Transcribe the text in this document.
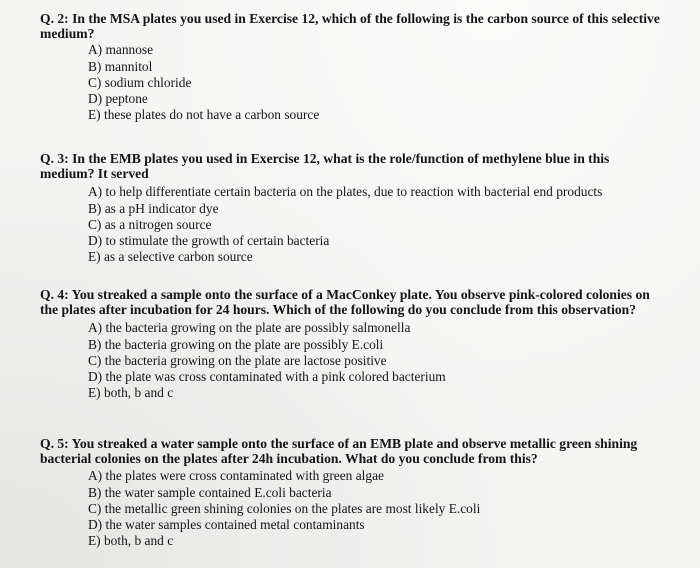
Q. 2: In the MSA plates you used in Exercise 12, which of the following is the carbon source of this selective medium?

A) mannose
B) mannitol
C) sodium chloride
D) peptone
E) these plates do not have a carbon source

Q. 3: In the EMB plates you used in Exercise 12, what is the role/function of methylene blue in this medium? It served

A) to help differentiate certain bacteria on the plates, due to reaction with bacterial end products
B) as a pH indicator dye
C) as a nitrogen source
D) to stimulate the growth of certain bacteria
E) as a selective carbon source

Q. 4: You streaked a sample onto the surface of a MacConkey plate. You observe pink-colored colonies on the plates after incubation for 24 hours. Which of the following do you conclude from this observation?

A) the bacteria growing on the plate are possibly salmonella
B) the bacteria growing on the plate are possibly E.coli
C) the bacteria growing on the plate are lactose positive
D) the plate was cross contaminated with a pink colored bacterium
E) both, b and c

Q. 5: You streaked a water sample onto the surface of an EMB plate and observe metallic green shining bacterial colonies on the plates after 24h incubation. What do you conclude from this?

A) the plates were cross contaminated with green algae
B) the water sample contained E.coli bacteria
C) the metallic green shining colonies on the plates are most likely E.coli
D) the water samples contained metal contaminants
E) both, b and c
